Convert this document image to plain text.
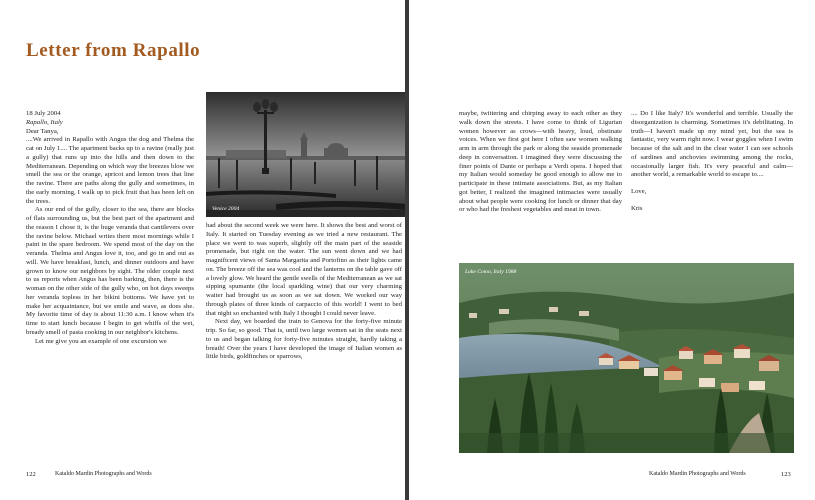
Letter from Rapallo

18 July 2004

Rapallo, Italy

Dear Tanya,

....We arrived in Rapallo with Angus the dog and Thelma the cat on July 1.... The apartment backs up to a ravine (really just a gully) that runs up into the hills and then down to the Mediterranean. Depending on which way the breezes blow we smell the sea or the orange, apricot and lemon trees that line the ravine. There are paths along the gully and sometimes, in the early morning, I walk up to pick fruit that has been left on the trees.

As our end of the gully, closer to the sea, there are blocks of flats surrounding us, but the best part of the apartment and the reason I chose it, is the huge veranda that cantilevers over the ravine below. Michael writes there most mornings while I paint in the spare bedroom. We spend most of the day on the veranda. Thelma and Angus love it, too, and go in and out as will. We have breakfast, lunch, and dinner outdoors and have grown to know our neighbors by sight. The older couple next to us reports when Angus has been barking, then, there is the woman on the other side of the gully who, on hot days sweeps her veranda topless in her bikini bottoms. We have yet to make her acquaintance, but we smile and wave, as does she. My favorite time of day is about 11:30 a.m. I know when it's time to start lunch because I begin to get whiffs of the wet, bready smell of pasta cooking in our neighbor's kitchens.

Let me give you an example of one excursion we

Venice 2004

had about the second week we were here. It shows the best and worst of Italy. It started on Tuesday evening as we tried a new restaurant. The place we went to was superb, slightly off the main part of the seaside promenade, but right on the water. The sun went down and we had magnificent views of Santa Margarita and Portofino as their lights came on. The breeze off the sea was cool and the lanterns on the table gave off a lovely glow. We heard the gentle swells of the Mediterranean as we sat sipping spumante (the local sparkling wine) that our very charming waiter had brought us as soon as we sat down. We worked our way through plates of three kinds of carpaccio of this world! I went to bed that night so enchanted with Italy I thought I could never leave.

Next day, we boarded the train to Genova for the forty-five minute trip. So far, so good. That is, until two large women sat in the seats next to us and began talking for forty-five minutes straight, hardly taking a breath! Over the years I have developed the image of Italian women as little birds, goldfinches or sparrows,

122	Kataldo Mardin Photographs and Words

maybe, twittering and chirping away to each other as they walk down the streets. I have come to think of Ligurian women however as crows—with heavy, loud, obstinate voices. When we first got here I often saw women walking arm in arm through the park or along the seaside promenade deep in conversation. I imagined they were discussing the finer points of Dante or perhaps a Verdi opera. I hoped that my Italian would someday be good enough to allow me to participate in these intimate associations. But, as my Italian got better, I realized the imagined intimacies were usually about what people were cooking for lunch or dinner that day or who had the freshest vegetables and meat in town.

.... Do I like Italy? It's wonderful and terrible. Usually the disorganization is charming. Sometimes it's debilitating. In truth—I haven't made up my mind yet, but the sea is fantastic, very warm right now. I wear goggles when I swim because of the salt and in the clear water I can see schools of sardines and anchovies swimming among the rocks, occasionally larger fish. It's very peaceful and calm—another world, a remarkable world to escape to....

Love,

Kris

Lake Como, Italy 1988
Kataldo Mardin Photographs and Words	123
